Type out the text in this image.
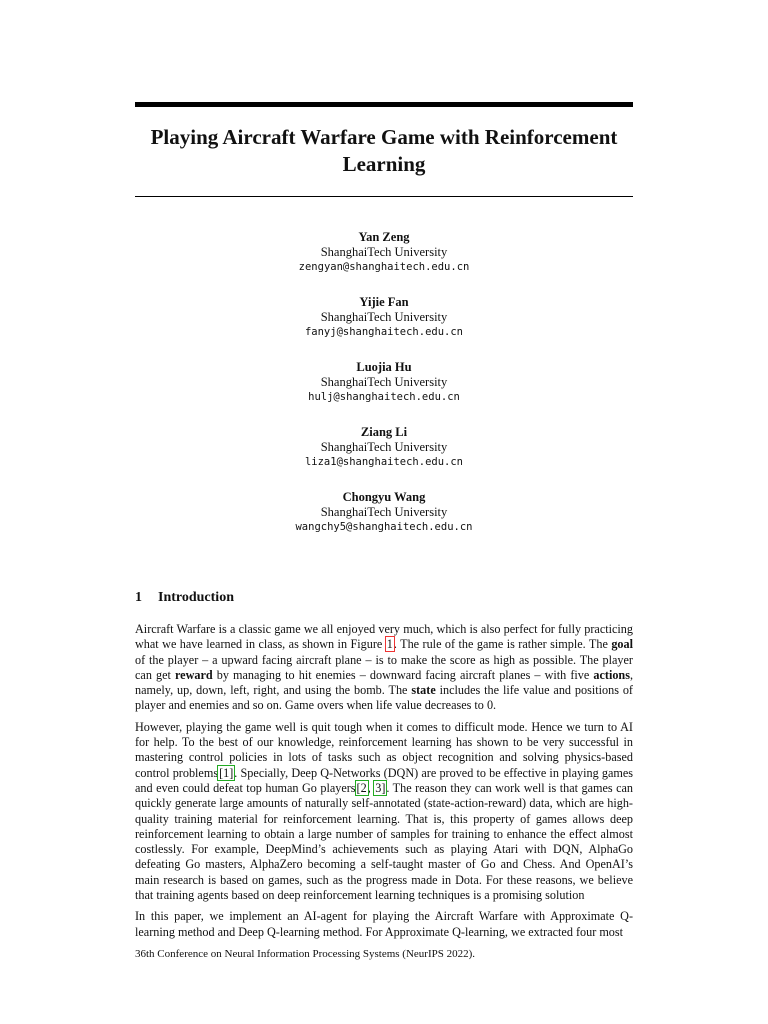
Playing Aircraft Warfare Game with Reinforcement Learning
Yan Zeng
ShanghaiTech University
zengyan@shanghaitech.edu.cn
Yijie Fan
ShanghaiTech University
fanyj@shanghaitech.edu.cn
Luojia Hu
ShanghaiTech University
hulj@shanghaitech.edu.cn
Ziang Li
ShanghaiTech University
liza1@shanghaitech.edu.cn
Chongyu Wang
ShanghaiTech University
wangchy5@shanghaitech.edu.cn
1 Introduction

Aircraft Warfare is a classic game we all enjoyed very much, which is also perfect for fully practicing what we have learned in class, as shown in Figure 1. The rule of the game is rather simple. The goal of the player – a upward facing aircraft plane – is to make the score as high as possible. The player can get reward by managing to hit enemies – downward facing aircraft planes – with five actions, namely, up, down, left, right, and using the bomb. The state includes the life value and positions of player and enemies and so on. Game overs when life value decreases to 0.

However, playing the game well is quit tough when it comes to difficult mode. Hence we turn to AI for help. To the best of our knowledge, reinforcement learning has shown to be very successful in mastering control policies in lots of tasks such as object recognition and solving physics-based control problems[1]. Specially, Deep Q-Networks (DQN) are proved to be effective in playing games and even could defeat top human Go players[2, 3]. The reason they can work well is that games can quickly generate large amounts of naturally self-annotated (state-action-reward) data, which are high-quality training material for reinforcement learning. That is, this property of games allows deep reinforcement learning to obtain a large number of samples for training to enhance the effect almost costlessly. For example, DeepMind’s achievements such as playing Atari with DQN, AlphaGo defeating Go masters, AlphaZero becoming a self-taught master of Go and Chess. And OpenAI’s main research is based on games, such as the progress made in Dota. For these reasons, we believe that training agents based on deep reinforcement learning techniques is a promising solution

In this paper, we implement an AI-agent for playing the Aircraft Warfare with Approximate Q-learning method and Deep Q-learning method. For Approximate Q-learning, we extracted four most

36th Conference on Neural Information Processing Systems (NeurIPS 2022).
